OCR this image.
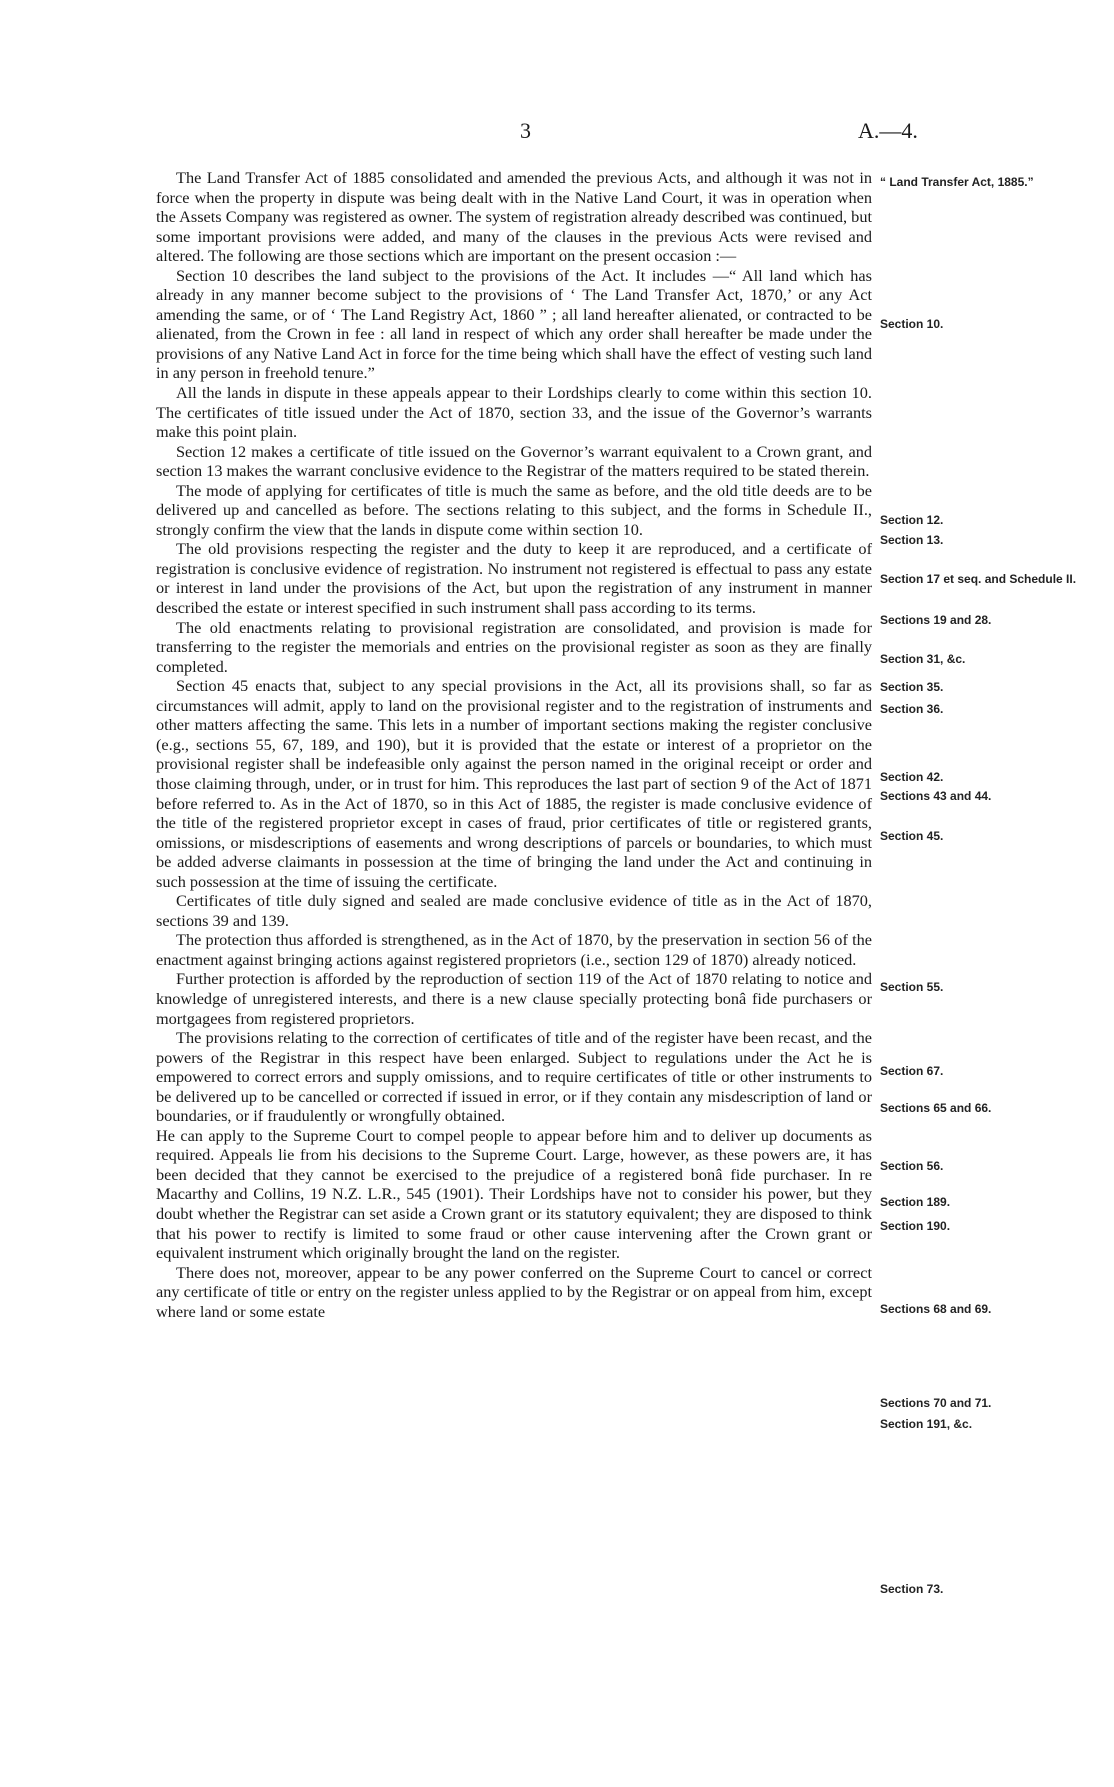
3	A.—4.

The Land Transfer Act of 1885 consolidated and amended the previous Acts, and although it was not in force when the property in dispute was being dealt with in the Native Land Court, it was in operation when the Assets Company was registered as owner. The system of registration already described was continued, but some important provisions were added, and many of the clauses in the previous Acts were revised and altered. The following are those sections which are important on the present occasion :—

Section 10 describes the land subject to the provisions of the Act. It includes —“ All land which has already in any manner become subject to the provisions of ‘ The Land Transfer Act, 1870,’ or any Act amending the same, or of ‘ The Land Registry Act, 1860 ” ; all land hereafter alienated, or contracted to be alienated, from the Crown in fee : all land in respect of which any order shall hereafter be made under the provisions of any Native Land Act in force for the time being which shall have the effect of vesting such land in any person in freehold tenure.”

All the lands in dispute in these appeals appear to their Lordships clearly to come within this section 10. The certificates of title issued under the Act of 1870, section 33, and the issue of the Governor’s warrants make this point plain.

Section 12 makes a certificate of title issued on the Governor’s warrant equivalent to a Crown grant, and section 13 makes the warrant conclusive evidence to the Registrar of the matters required to be stated therein.

The mode of applying for certificates of title is much the same as before, and the old title deeds are to be delivered up and cancelled as before. The sections relating to this subject, and the forms in Schedule II., strongly confirm the view that the lands in dispute come within section 10.

The old provisions respecting the register and the duty to keep it are reproduced, and a certificate of registration is conclusive evidence of registration. No instrument not registered is effectual to pass any estate or interest in land under the provisions of the Act, but upon the registration of any instrument in manner described the estate or interest specified in such instrument shall pass according to its terms.

The old enactments relating to provisional registration are consolidated, and provision is made for transferring to the register the memorials and entries on the provisional register as soon as they are finally completed.

Section 45 enacts that, subject to any special provisions in the Act, all its provisions shall, so far as circumstances will admit, apply to land on the provisional register and to the registration of instruments and other matters affecting the same. This lets in a number of important sections making the register conclusive (e.g., sections 55, 67, 189, and 190), but it is provided that the estate or interest of a proprietor on the provisional register shall be indefeasible only against the person named in the original receipt or order and those claiming through, under, or in trust for him. This reproduces the last part of section 9 of the Act of 1871 before referred to. As in the Act of 1870, so in this Act of 1885, the register is made conclusive evidence of the title of the registered proprietor except in cases of fraud, prior certificates of title or registered grants, omissions, or misdescriptions of easements and wrong descriptions of parcels or boundaries, to which must be added adverse claimants in possession at the time of bringing the land under the Act and continuing in such possession at the time of issuing the certificate.

Certificates of title duly signed and sealed are made conclusive evidence of title as in the Act of 1870, sections 39 and 139.

The protection thus afforded is strengthened, as in the Act of 1870, by the preservation in section 56 of the enactment against bringing actions against registered proprietors (i.e., section 129 of 1870) already noticed.

Further protection is afforded by the reproduction of section 119 of the Act of 1870 relating to notice and knowledge of unregistered interests, and there is a new clause specially protecting bonâ fide purchasers or mortgagees from registered proprietors.

The provisions relating to the correction of certificates of title and of the register have been recast, and the powers of the Registrar in this respect have been enlarged. Subject to regulations under the Act he is empowered to correct errors and supply omissions, and to require certificates of title or other instruments to be delivered up to be cancelled or corrected if issued in error, or if they contain any misdescription of land or boundaries, or if fraudulently or wrongfully obtained.

He can apply to the Supreme Court to compel people to appear before him and to deliver up documents as required. Appeals lie from his decisions to the Supreme Court. Large, however, as these powers are, it has been decided that they cannot be exercised to the prejudice of a registered bonâ fide purchaser. In re Macarthy and Collins, 19 N.Z. L.R., 545 (1901). Their Lordships have not to consider his power, but they doubt whether the Registrar can set aside a Crown grant or its statutory equivalent; they are disposed to think that his power to rectify is limited to some fraud or other cause intervening after the Crown grant or equivalent instrument which originally brought the land on the register.

There does not, moreover, appear to be any power conferred on the Supreme Court to cancel or correct any certificate of title or entry on the register unless applied to by the Registrar or on appeal from him, except where land or some estate

“ Land Transfer Act, 1885.”
Section 10.
Section 12.
Section 13.
Section 17 et seq. and Schedule II.
Sections 19 and 28.
Section 31, &c.
Section 35.
Section 36.
Section 42.
Sections 43 and 44.
Section 45.
Section 55.
Section 67.
Sections 65 and 66.
Section 56.
Section 189.
Section 190.
Sections 68 and 69.
Sections 70 and 71.
Section 191, &c.
Section 73.
